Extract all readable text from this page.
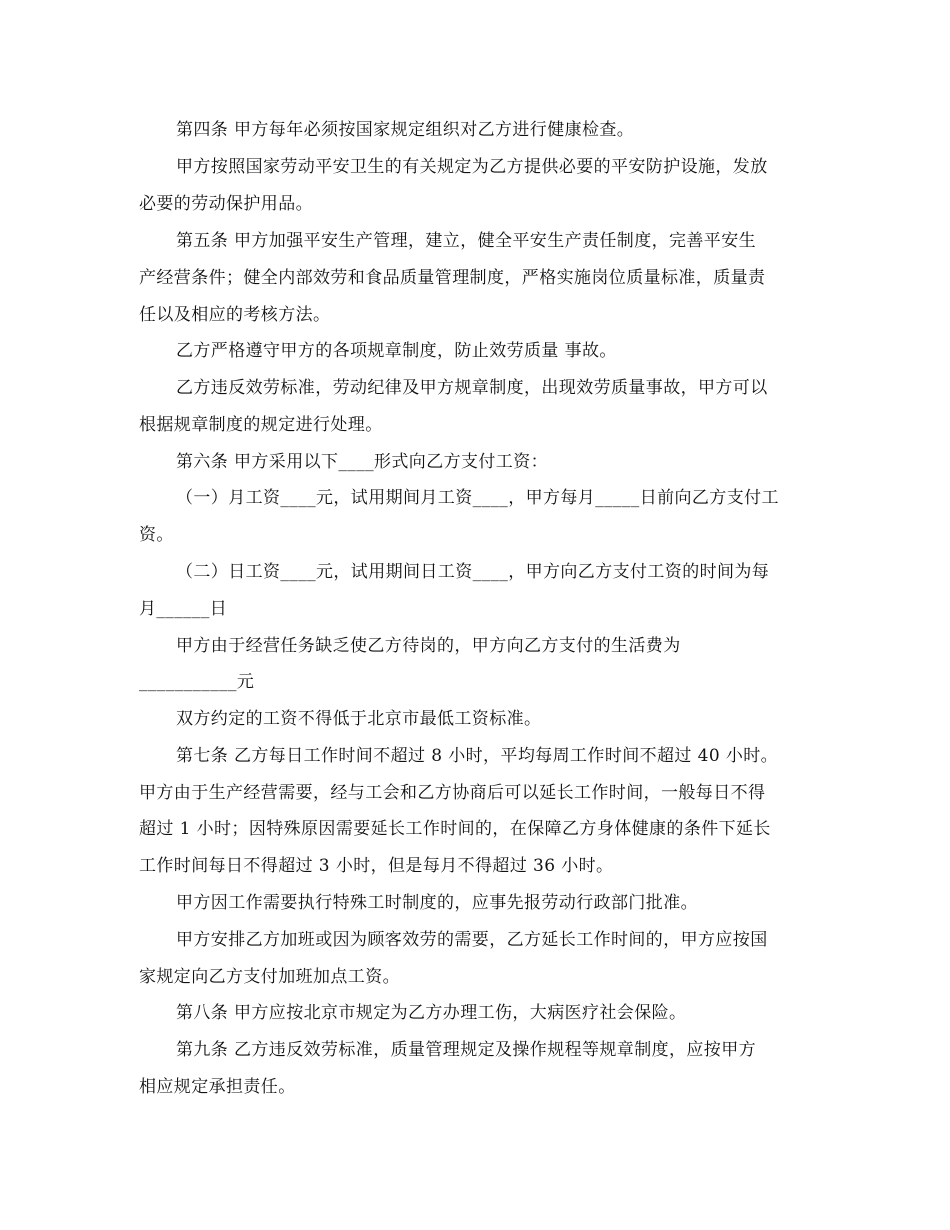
第四条 甲方每年必须按国家规定组织对乙方进行健康检查。
甲方按照国家劳动平安卫生的有关规定为乙方提供必要的平安防护设施，发放
必要的劳动保护用品。
第五条 甲方加强平安生产管理，建立，健全平安生产责任制度，完善平安生
产经营条件；健全内部效劳和食品质量管理制度，严格实施岗位质量标准，质量责
任以及相应的考核方法。
乙方严格遵守甲方的各项规章制度，防止效劳质量 事故。
乙方违反效劳标准，劳动纪律及甲方规章制度，出现效劳质量事故，甲方可以
根据规章制度的规定进行处理。
第六条 甲方采用以下____形式向乙方支付工资：
（一）月工资____元，试用期间月工资____，甲方每月_____日前向乙方支付工
资。
（二）日工资____元，试用期间日工资____，甲方向乙方支付工资的时间为每
月______日
甲方由于经营任务缺乏使乙方待岗的，甲方向乙方支付的生活费为
___________元
双方约定的工资不得低于北京市最低工资标准。
第七条 乙方每日工作时间不超过 8 小时，平均每周工作时间不超过 40 小时。
甲方由于生产经营需要，经与工会和乙方协商后可以延长工作时间，一般每日不得
超过 1 小时；因特殊原因需要延长工作时间的，在保障乙方身体健康的条件下延长
工作时间每日不得超过 3 小时，但是每月不得超过 36 小时。
甲方因工作需要执行特殊工时制度的，应事先报劳动行政部门批准。
甲方安排乙方加班或因为顾客效劳的需要，乙方延长工作时间的，甲方应按国
家规定向乙方支付加班加点工资。
第八条 甲方应按北京市规定为乙方办理工伤，大病医疗社会保险。
第九条 乙方违反效劳标准，质量管理规定及操作规程等规章制度，应按甲方
相应规定承担责任。
